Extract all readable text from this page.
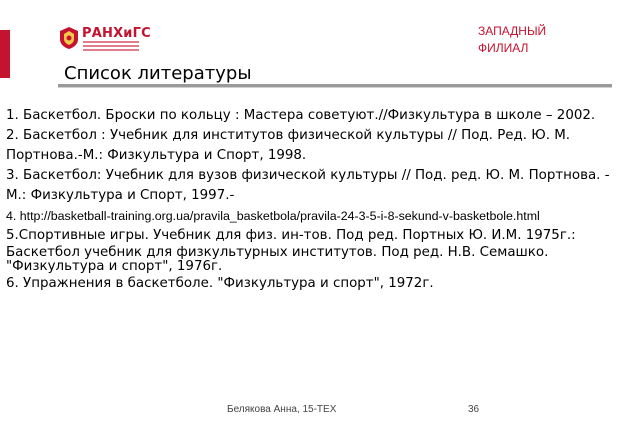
РАНХиГС	ЗАПАДНЫЙ
ФИЛИАЛ
Список литературы

1. Баскетбол. Броски по кольцу : Мастера советуют.//Физкультура в школе – 2002.

2. Баскетбол : Учебник для институтов физической культуры // Под. Ред. Ю. М. Портнова.-М.: Физкультура и Спорт, 1998.

3. Баскетбол: Учебник для вузов физической культуры // Под. ред. Ю. М. Портнова. - М.: Физкультура и Спорт, 1997.-

4. http://basketball-training.org.ua/pravila_basketbola/pravila-24-3-5-i-8-sekund-v-basketbole.html

5.Спортивные игры. Учебник для физ. ин-тов. Под ред. Портных Ю. И.М. 1975г.:

Баскетбол учебник для физкультурных институтов. Под ред. Н.В. Семашко. "Физкультура и спорт", 1976г.

6. Упражнения в баскетболе. "Физкультура и спорт", 1972г.

Белякова Анна, 15-ТЕХ	36
